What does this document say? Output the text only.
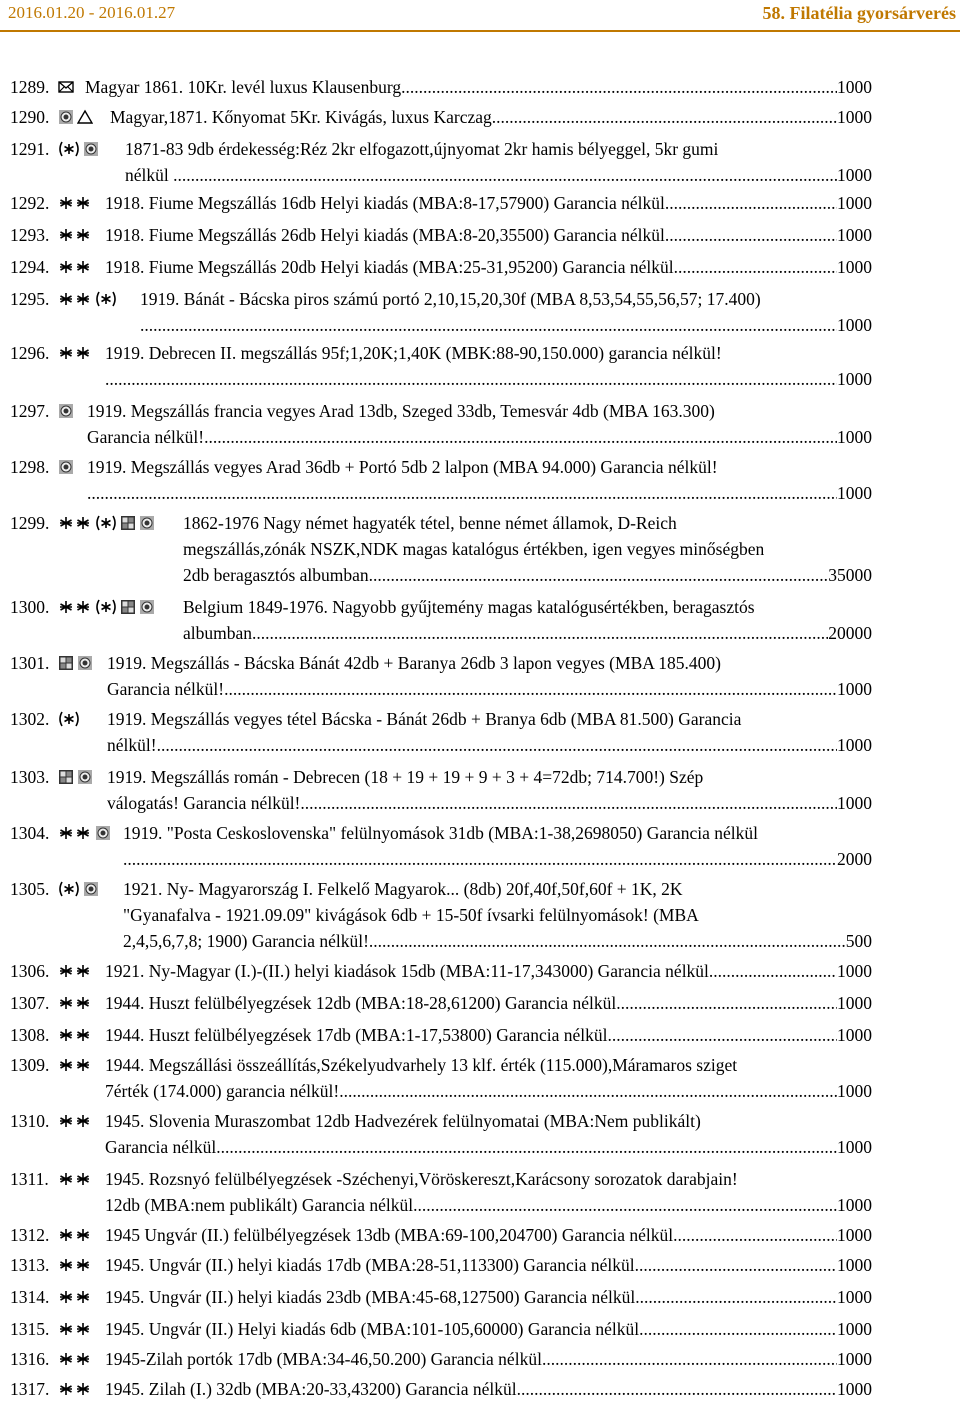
2016.01.20 - 2016.01.27	58. Filatélia gyorsárverés
1289. Magyar 1861. 10Kr. levél luxus Klausenburg .....	1000
1290.	Magyar,1871. Kőnyomat 5Kr. Kivágás, luxus Karczag .....	1000
1291.	1871-83 9db érdekesség:Réz 2kr elfogazott,újnyomat 2kr hamis bélyeggel, 5kr gumi
nélkül . .....	1000
1292.	1918. Fiume Megszállás 16db Helyi kiadás (MBA:8-17,57900) Garancia nélkül .....	1000
1293.	1918. Fiume Megszállás 26db Helyi kiadás (MBA:8-20,35500) Garancia nélkül .....	1000
1294.	1918. Fiume Megszállás 20db Helyi kiadás (MBA:25-31,95200) Garancia nélkül .....	1000
1295.	1919. Bánát - Bácska piros számú portó 2,10,15,20,30f (MBA 8,53,54,55,56,57; 17.400)
. .....	1000
1296.	1919. Debrecen II. megszállás 95f;1,20K;1,40K (MBK:88-90,150.000) garancia nélkül!
....... .....	1000
1297. 1919. Megszállás francia vegyes Arad 13db, Szeged 33db, Temesvár 4db (MBA 163.300)
Garancia nélkül! .....	1000
1298. 1919. Megszállás vegyes Arad 36db + Portó 5db 2 lalpon (MBA 94.000) Garancia nélkül!
....... .....	1000
1299.	1862-1976 Nagy német hagyaték tétel, benne német államok, D-Reich
megszállás,zónák NSZK,NDK magas katalógus értékben, igen vegyes minőségben
2db beragasztós albumban .....	35000
1300.	Belgium 1849-1976. Nagyobb gyűjtemény magas katalógusértékben, beragasztós
albumban .....	20000
1301.	1919. Megszállás - Bácska Bánát 42db + Baranya 26db 3 lapon vegyes (MBA 185.400)
Garancia nélkül! .....	1000
1302.	1919. Megszállás vegyes tétel Bácska - Bánát 26db + Branya 6db (MBA 81.500) Garancia
nélkül! .....	1000
1303.	1919. Megszállás román - Debrecen (18 + 19 + 19 + 9 + 3 + 4=72db; 714.700!) Szép
válogatás! Garancia nélkül! .....	1000
1304.	1919. "Posta Ceskoslovenska" felülnyomások 31db (MBA:1-38,2698050) Garancia nélkül
. .....	2000
1305.	1921. Ny- Magyarország I. Felkelő Magyarok... (8db) 20f,40f,50f,60f + 1K, 2K
"Gyanafalva - 1921.09.09" kivágások 6db + 15-50f ívsarki felülnyomások! (MBA
2,4,5,6,7,8; 1900) Garancia nélkül! .....	500
1306.	1921. Ny-Magyar (I.)-(II.) helyi kiadások 15db (MBA:11-17,343000) Garancia nélkül .....	1000
1307.	1944. Huszt felülbélyegzések 12db (MBA:18-28,61200) Garancia nélkül .....	1000
1308.	1944. Huszt felülbélyegzések 17db (MBA:1-17,53800) Garancia nélkül .....	1000
1309.	1944. Megszállási összeállítás,Székelyudvarhely 13 klf. érték (115.000),Máramaros sziget
7érték (174.000) garancia nélkül! .....	1000
1310.	1945. Slovenia Muraszombat 12db Hadvezérek felülnyomatai (MBA:Nem publikált)
Garancia nélkül .....	1000
1311.	1945. Rozsnyó felülbélyegzések -Széchenyi,Vöröskereszt,Karácsony sorozatok darabjain!
12db (MBA:nem publikált) Garancia nélkül .....	1000
1312.	1945 Ungvár (II.) felülbélyegzések 13db (MBA:69-100,204700) Garancia nélkül .....	1000
1313.	1945. Ungvár (II.) helyi kiadás 17db (MBA:28-51,113300) Garancia nélkül .....	1000
1314.	1945. Ungvár (II.) helyi kiadás 23db (MBA:45-68,127500) Garancia nélkül .....	1000
1315.	1945. Ungvár (II.) Helyi kiadás 6db (MBA:101-105,60000) Garancia nélkül .....	1000
1316.	1945-Zilah portók 17db (MBA:34-46,50.200) Garancia nélkül .....	1000
1317.	1945. Zilah (I.) 32db (MBA:20-33,43200) Garancia nélkül .....	1000
